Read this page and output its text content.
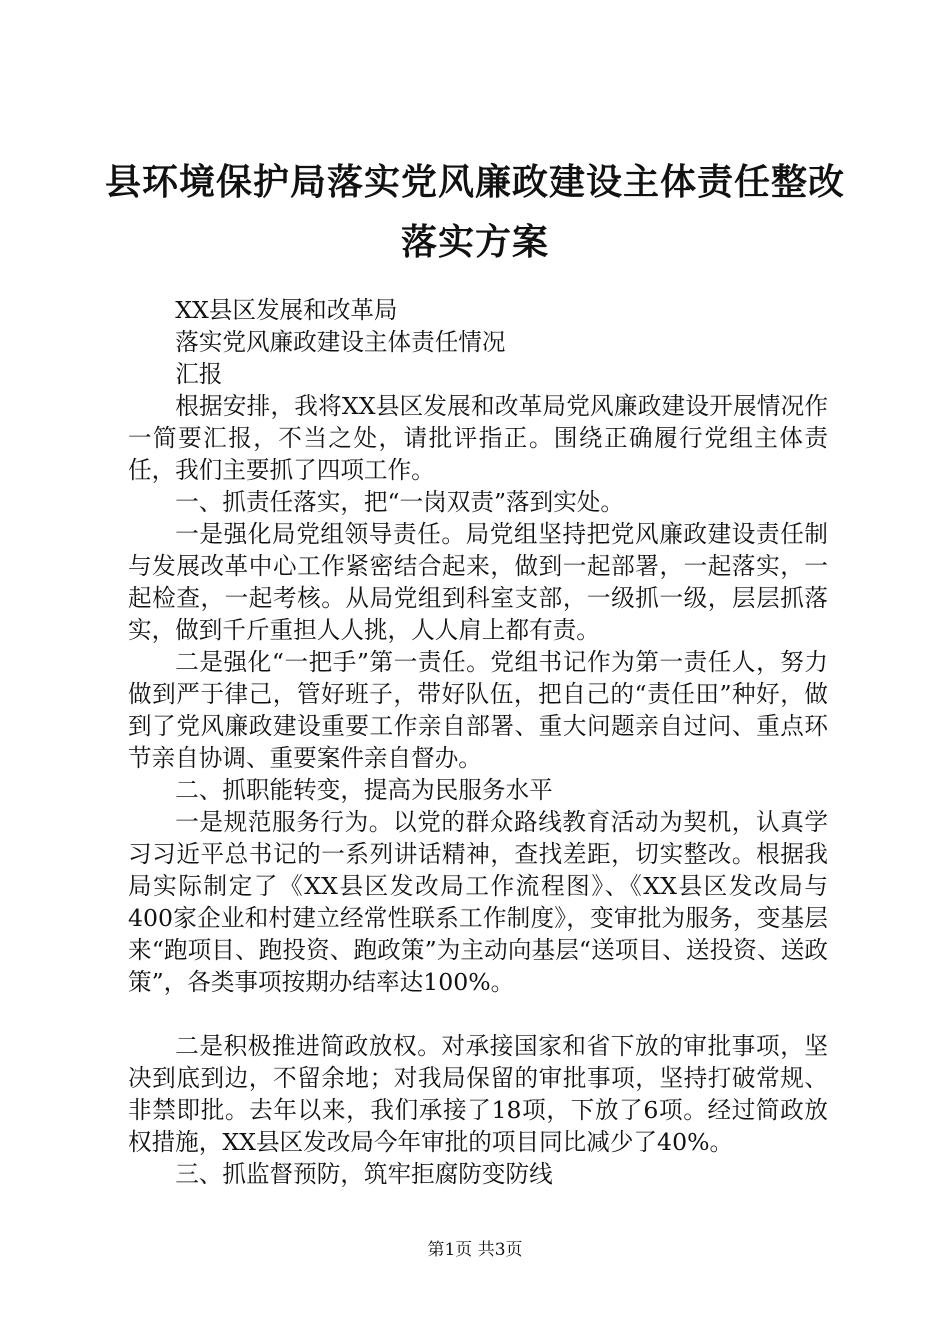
县环境保护局落实党风廉政建设主体责任整改
落实方案

XX县区发展和改革局

落实党风廉政建设主体责任情况

汇报

根据安排，我将XX县区发展和改革局党风廉政建设开展情况作一简要汇报，不当之处，请批评指正。围绕正确履行党组主体责任，我们主要抓了四项工作。

一、抓责任落实，把“一岗双责”落到实处。

一是强化局党组领导责任。局党组坚持把党风廉政建设责任制与发展改革中心工作紧密结合起来，做到一起部署，一起落实，一起检查，一起考核。从局党组到科室支部，一级抓一级，层层抓落实，做到千斤重担人人挑，人人肩上都有责。

二是强化“一把手”第一责任。党组书记作为第一责任人，努力做到严于律己，管好班子，带好队伍，把自己的“责任田”种好，做到了党风廉政建设重要工作亲自部署、重大问题亲自过问、重点环节亲自协调、重要案件亲自督办。

二、抓职能转变，提高为民服务水平

一是规范服务行为。以党的群众路线教育活动为契机，认真学习习近平总书记的一系列讲话精神，查找差距，切实整改。根据我局实际制定了《XX县区发改局工作流程图》、《XX县区发改局与400家企业和村建立经常性联系工作制度》，变审批为服务，变基层来“跑项目、跑投资、跑政策”为主动向基层“送项目、送投资、送政策”，各类事项按期办结率达100%。

二是积极推进简政放权。对承接国家和省下放的审批事项，坚决到底到边，不留余地；对我局保留的审批事项，坚持打破常规、非禁即批。去年以来，我们承接了18项，下放了6项。经过简政放权措施，XX县区发改局今年审批的项目同比减少了40%。

三、抓监督预防，筑牢拒腐防变防线

第1页 共3页
